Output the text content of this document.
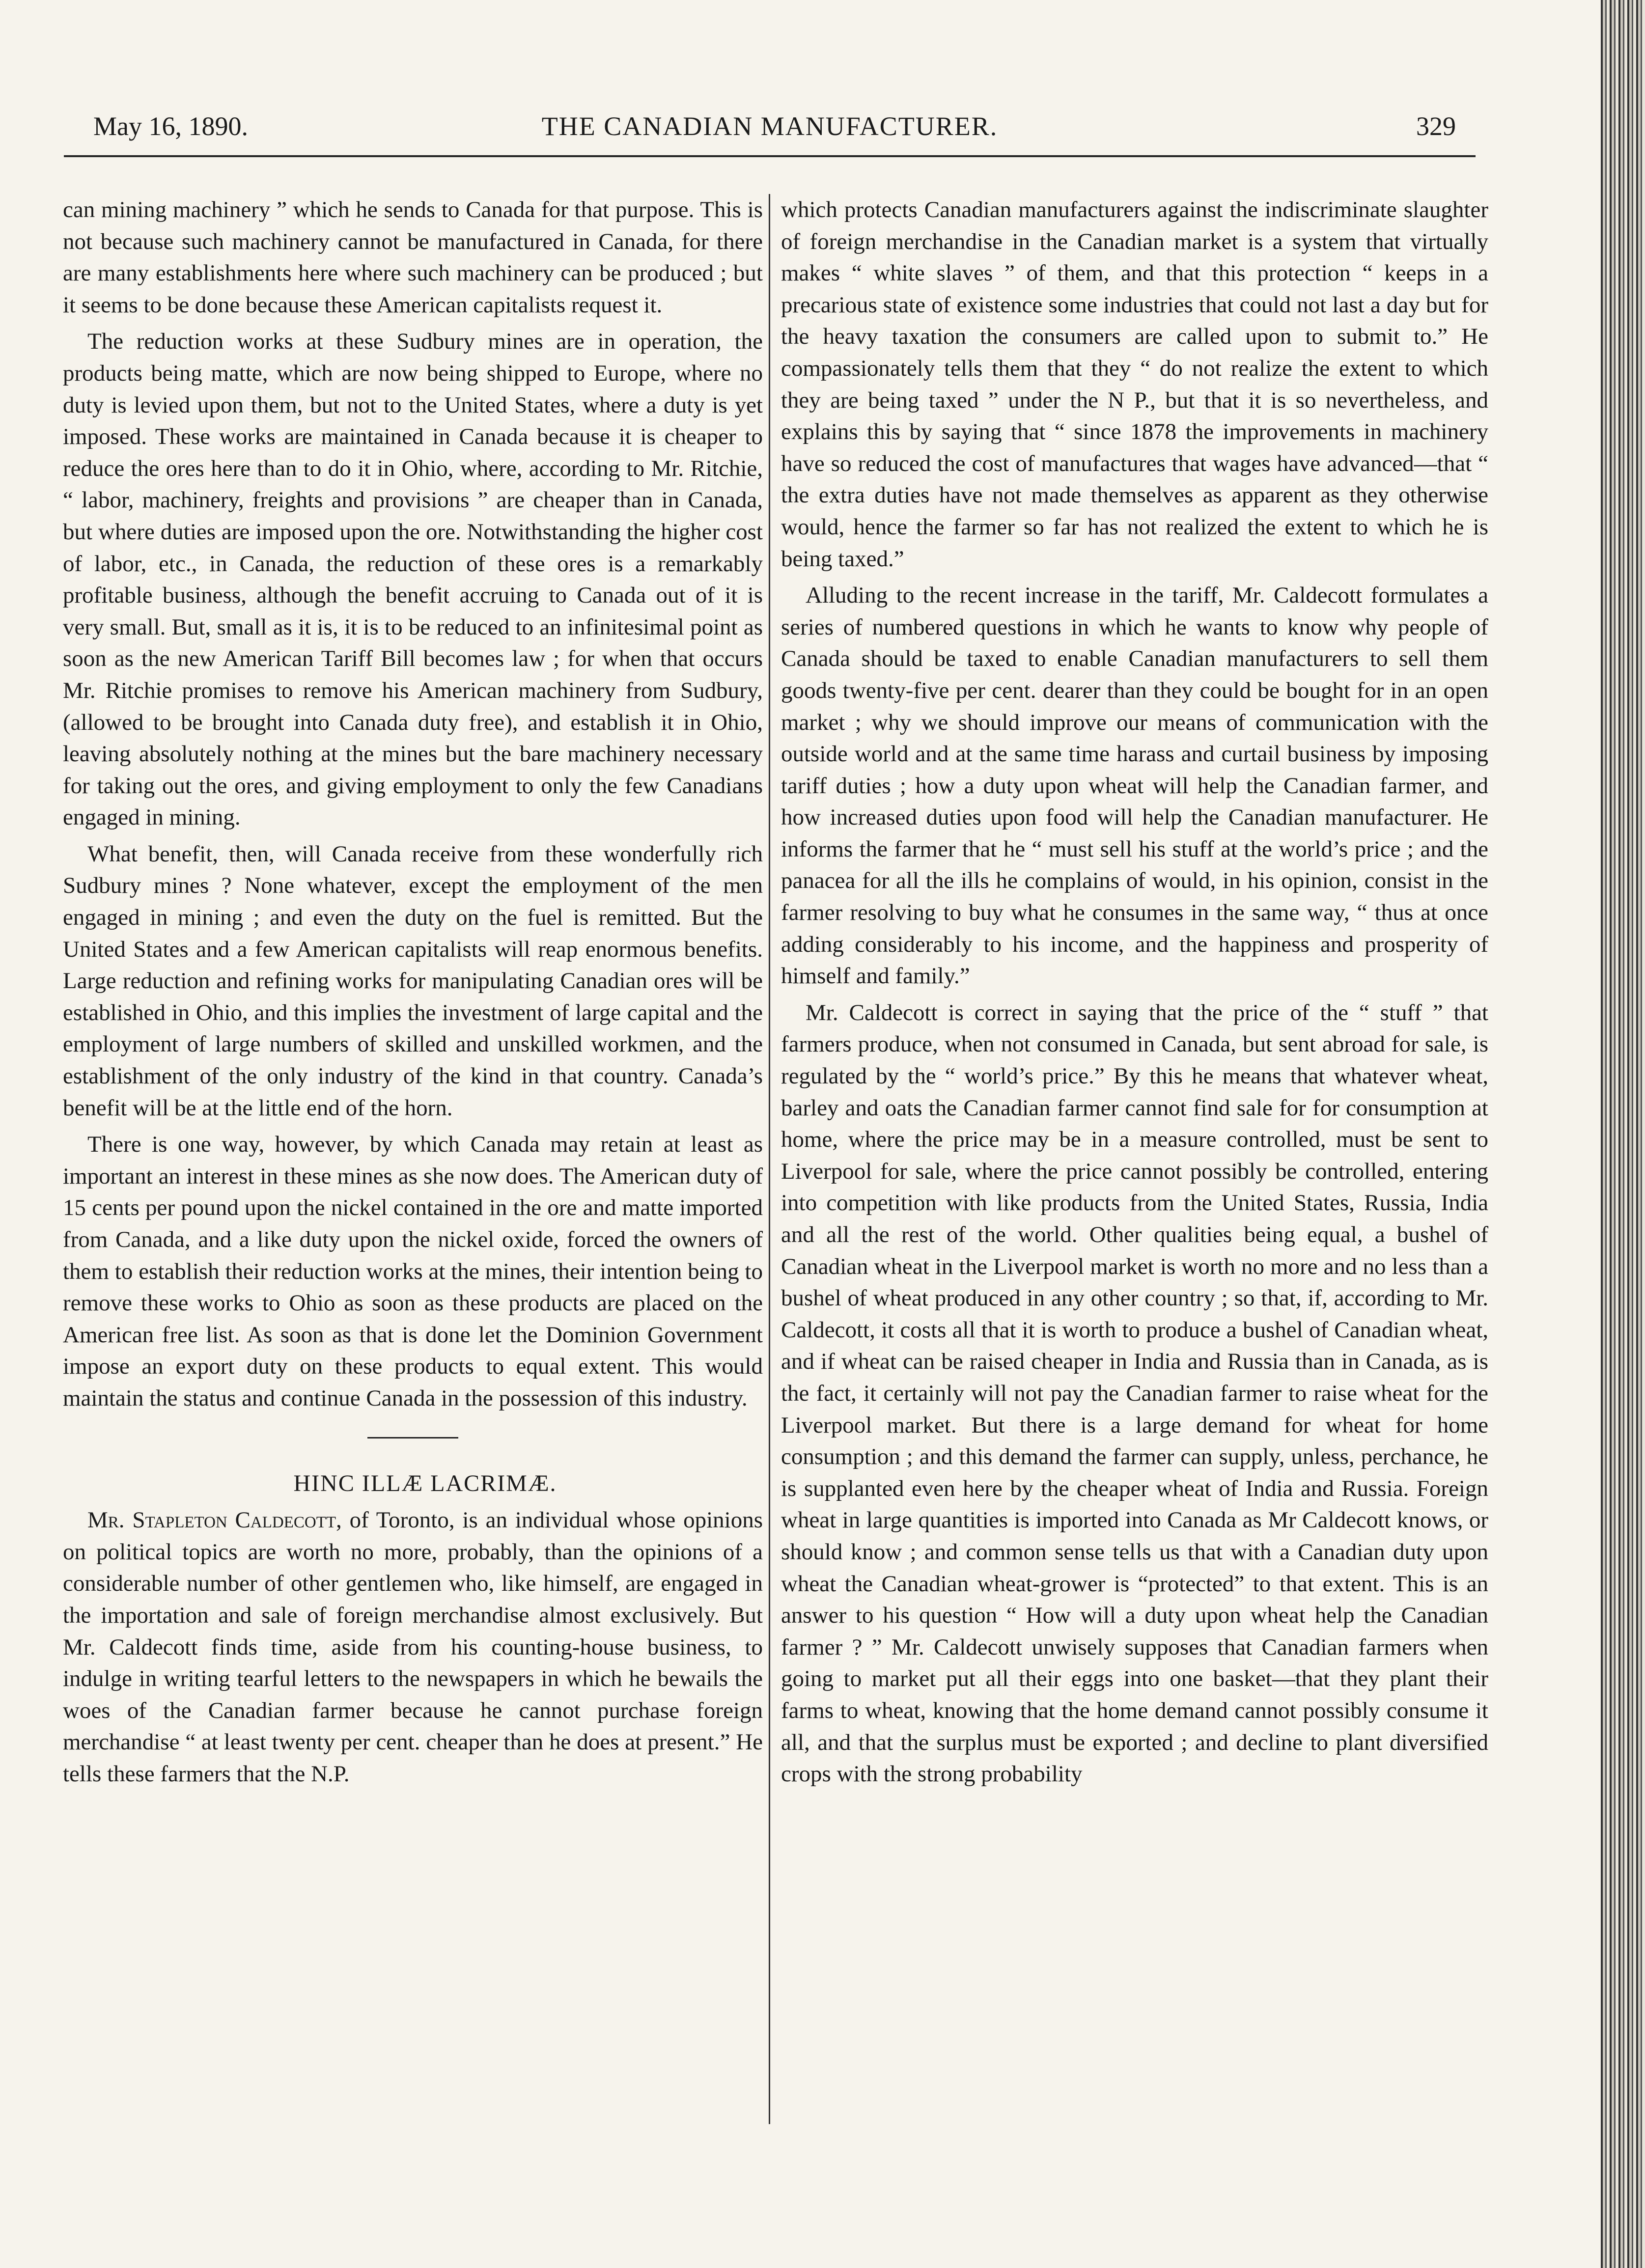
May 16, 1890.	THE CANADIAN MANUFACTURER.	329

can mining machinery ” which he sends to Canada for that purpose. This is not because such machinery cannot be manufactured in Canada, for there are many establishments here where such machinery can be produced ; but it seems to be done because these American capitalists request it.

The reduction works at these Sudbury mines are in operation, the products being matte, which are now being shipped to Europe, where no duty is levied upon them, but not to the United States, where a duty is yet imposed. These works are maintained in Canada because it is cheaper to reduce the ores here than to do it in Ohio, where, according to Mr. Ritchie, “ labor, machinery, freights and provisions ” are cheaper than in Canada, but where duties are imposed upon the ore. Notwithstanding the higher cost of labor, etc., in Canada, the reduction of these ores is a remarkably profitable business, although the benefit accruing to Canada out of it is very small. But, small as it is, it is to be reduced to an infinitesimal point as soon as the new American Tariff Bill becomes law ; for when that occurs Mr. Ritchie promises to remove his American machinery from Sudbury, (allowed to be brought into Canada duty free), and establish it in Ohio, leaving absolutely nothing at the mines but the bare machinery necessary for taking out the ores, and giving employment to only the few Canadians engaged in mining.

What benefit, then, will Canada receive from these wonderfully rich Sudbury mines ? None whatever, except the employment of the men engaged in mining ; and even the duty on the fuel is remitted. But the United States and a few American capitalists will reap enormous benefits. Large reduction and refining works for manipulating Canadian ores will be established in Ohio, and this implies the investment of large capital and the employment of large numbers of skilled and unskilled workmen, and the establishment of the only industry of the kind in that country. Canada’s benefit will be at the little end of the horn.

There is one way, however, by which Canada may retain at least as important an interest in these mines as she now does. The American duty of 15 cents per pound upon the nickel contained in the ore and matte imported from Canada, and a like duty upon the nickel oxide, forced the owners of them to establish their reduction works at the mines, their intention being to remove these works to Ohio as soon as these products are placed on the American free list. As soon as that is done let the Dominion Government impose an export duty on these products to equal extent. This would maintain the status and continue Canada in the possession of this industry.

HINC ILLÆ LACRIMÆ.

Mr. Stapleton Caldecott, of Toronto, is an individual whose opinions on political topics are worth no more, probably, than the opinions of a considerable number of other gentlemen who, like himself, are engaged in the importation and sale of foreign merchandise almost exclusively. But Mr. Caldecott finds time, aside from his counting-house business, to indulge in writing tearful letters to the newspapers in which he bewails the woes of the Canadian farmer because he cannot purchase foreign merchandise “ at least twenty per cent. cheaper than he does at present.” He tells these farmers that the N.P.

which protects Canadian manufacturers against the indiscriminate slaughter of foreign merchandise in the Canadian market is a system that virtually makes “ white slaves ” of them, and that this protection “ keeps in a precarious state of existence some industries that could not last a day but for the heavy taxation the consumers are called upon to submit to.” He compassionately tells them that they “ do not realize the extent to which they are being taxed ” under the N P., but that it is so nevertheless, and explains this by saying that “ since 1878 the improvements in machinery have so reduced the cost of manufactures that wages have advanced—that “ the extra duties have not made themselves as apparent as they otherwise would, hence the farmer so far has not realized the extent to which he is being taxed.”

Alluding to the recent increase in the tariff, Mr. Caldecott formulates a series of numbered questions in which he wants to know why people of Canada should be taxed to enable Canadian manufacturers to sell them goods twenty-five per cent. dearer than they could be bought for in an open market ; why we should improve our means of communication with the outside world and at the same time harass and curtail business by imposing tariff duties ; how a duty upon wheat will help the Canadian farmer, and how increased duties upon food will help the Canadian manufacturer. He informs the farmer that he “ must sell his stuff at the world’s price ; and the panacea for all the ills he complains of would, in his opinion, consist in the farmer resolving to buy what he consumes in the same way, “ thus at once adding considerably to his income, and the happiness and prosperity of himself and family.”

Mr. Caldecott is correct in saying that the price of the “ stuff ” that farmers produce, when not consumed in Canada, but sent abroad for sale, is regulated by the “ world’s price.” By this he means that whatever wheat, barley and oats the Canadian farmer cannot find sale for for consumption at home, where the price may be in a measure controlled, must be sent to Liverpool for sale, where the price cannot possibly be controlled, entering into competition with like products from the United States, Russia, India and all the rest of the world. Other qualities being equal, a bushel of Canadian wheat in the Liverpool market is worth no more and no less than a bushel of wheat produced in any other country ; so that, if, according to Mr. Caldecott, it costs all that it is worth to produce a bushel of Canadian wheat, and if wheat can be raised cheaper in India and Russia than in Canada, as is the fact, it certainly will not pay the Canadian farmer to raise wheat for the Liverpool market. But there is a large demand for wheat for home consumption ; and this demand the farmer can supply, unless, perchance, he is supplanted even here by the cheaper wheat of India and Russia. Foreign wheat in large quantities is imported into Canada as Mr Caldecott knows, or should know ; and common sense tells us that with a Canadian duty upon wheat the Canadian wheat-grower is “protected” to that extent. This is an answer to his question “ How will a duty upon wheat help the Canadian farmer ? ” Mr. Caldecott unwisely supposes that Canadian farmers when going to market put all their eggs into one basket—that they plant their farms to wheat, knowing that the home demand cannot possibly consume it all, and that the surplus must be exported ; and decline to plant diversified crops with the strong probability
